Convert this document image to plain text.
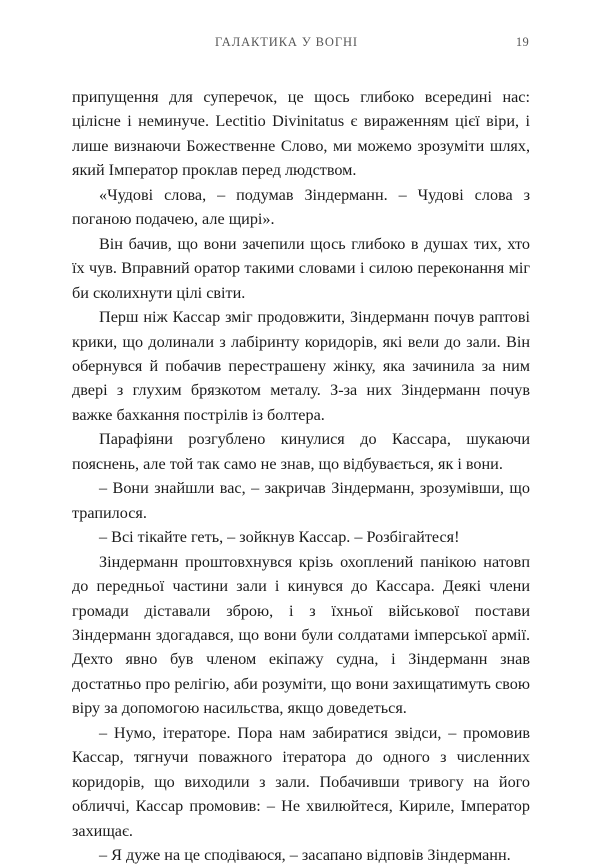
ГАЛАКТИКА У ВОГНІ	19

припущення для суперечок, це щось глибоко всередині нас: цілісне і неминуче. Lectitio Divinitatus є вираженням цієї віри, і лише визнаючи Божественне Слово, ми можемо зрозуміти шлях, який Імператор проклав перед людством.

«Чудові слова, – подумав Зіндерманн. – Чудові слова з поганою подачею, але щирі».

Він бачив, що вони зачепили щось глибоко в душах тих, хто їх чув. Вправний оратор такими словами і силою переконання міг би сколихнути цілі світи.

Перш ніж Кассар зміг продовжити, Зіндерманн почув раптові крики, що долинали з лабіринту коридорів, які вели до зали. Він обернувся й побачив перестрашену жінку, яка зачинила за ним двері з глухим брязкотом металу. З-за них Зіндерманн почув важке бахкання пострілів із болтера.

Парафіяни розгублено кинулися до Кассара, шукаючи пояснень, але той так само не знав, що відбувається, як і вони.

– Вони знайшли вас, – закричав Зіндерманн, зрозумівши, що трапилося.

– Всі тікайте геть, – зойкнув Кассар. – Розбігайтеся!

Зіндерманн проштовхнувся крізь охоплений панікою натовп до передньої частини зали і кинувся до Кассара. Деякі члени громади діставали зброю, і з їхньої військової постави Зіндерманн здогадався, що вони були солдатами імперської армії. Дехто явно був членом екіпажу судна, і Зіндерманн знав достатньо про релігію, аби розуміти, що вони захищатимуть свою віру за допомогою насильства, якщо доведеться.

– Нумо, ітераторе. Пора нам забиратися звідси, – промовив Кассар, тягнучи поважного ітератора до одного з численних коридорів, що виходили з зали. Побачивши тривогу на його обличчі, Кассар промовив: – Не хвилюйтеся, Кириле, Імператор захищає.

– Я дуже на це сподіваюся, – засапано відповів Зіндерманн.
